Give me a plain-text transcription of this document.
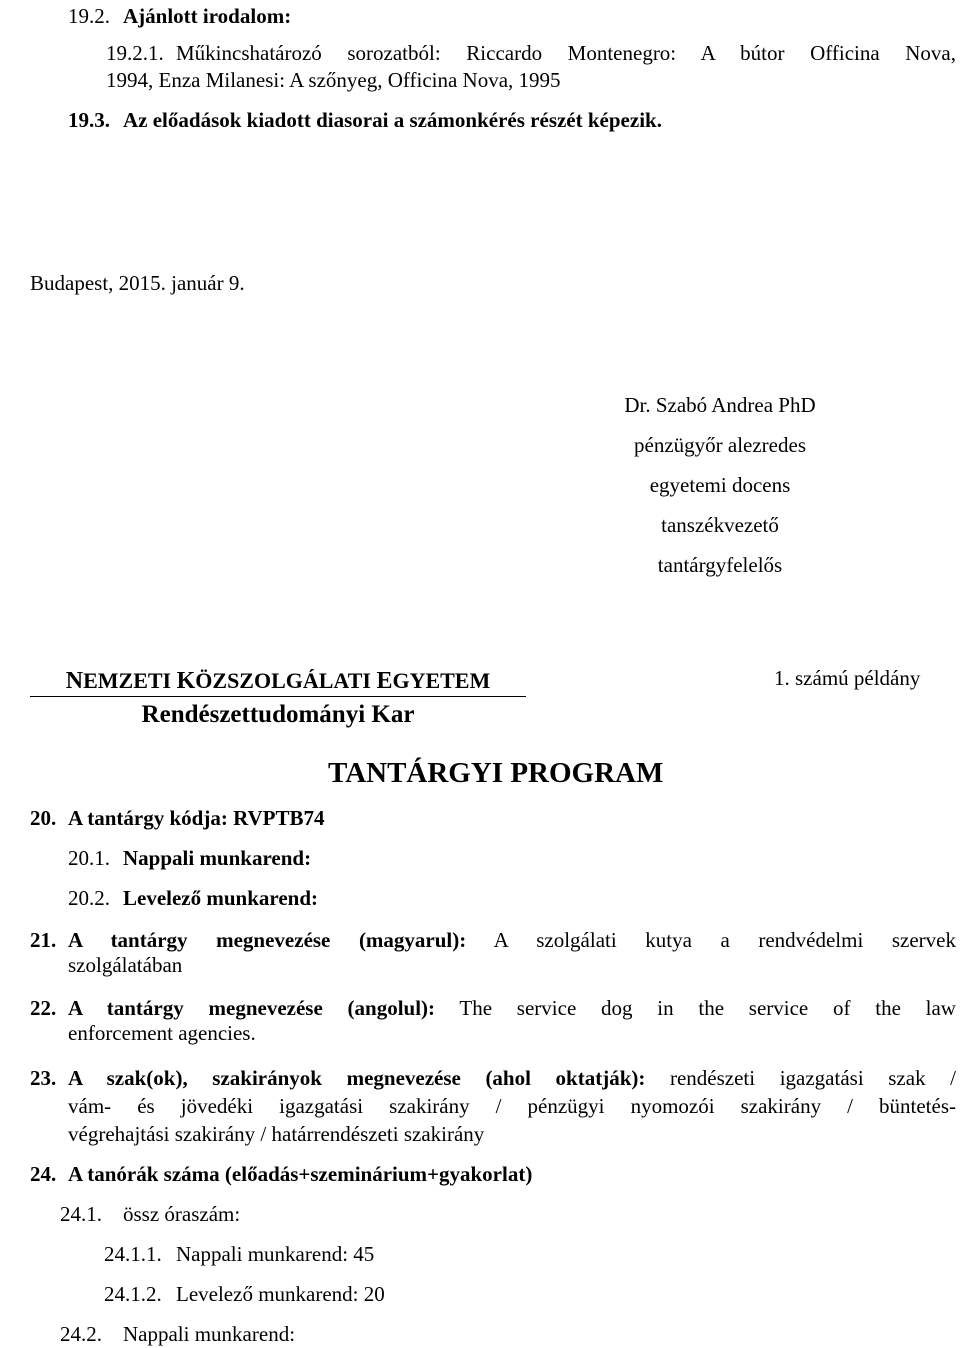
19.2. Ajánlott irodalom:
19.2.1. Műkincshatározó sorozatból: Riccardo Montenegro: A bútor Officina Nova,
1994, Enza Milanesi: A szőnyeg, Officina Nova, 1995
19.3. Az előadások kiadott diasorai a számonkérés részét képezik.
Budapest, 2015. január 9.
Dr. Szabó Andrea PhD
pénzügyőr alezredes
egyetemi docens
tanszékvezető
tantárgyfelelős
NEMZETI KÖZSZOLGÁLATI EGYETEM
Rendészettudományi Kar
1. számú példány
TANTÁRGYI PROGRAM
20. A tantárgy kódja: RVPTB74
20.1. Nappali munkarend:
20.2. Levelező munkarend:
21. A tantárgy megnevezése (magyarul): A szolgálati kutya a rendvédelmi szervek
szolgálatában
22. A tantárgy megnevezése (angolul): The service dog in the service of the law
enforcement agencies.
23. A szak(ok), szakirányok megnevezése (ahol oktatják): rendészeti igazgatási szak /
vám- és jövedéki igazgatási szakirány / pénzügyi nyomozói szakirány / büntetés-
végrehajtási szakirány / határrendészeti szakirány
24. A tanórák száma (előadás+szeminárium+gyakorlat)
24.1. össz óraszám:
24.1.1. Nappali munkarend: 45
24.1.2. Levelező munkarend: 20
24.2. Nappali munkarend:
